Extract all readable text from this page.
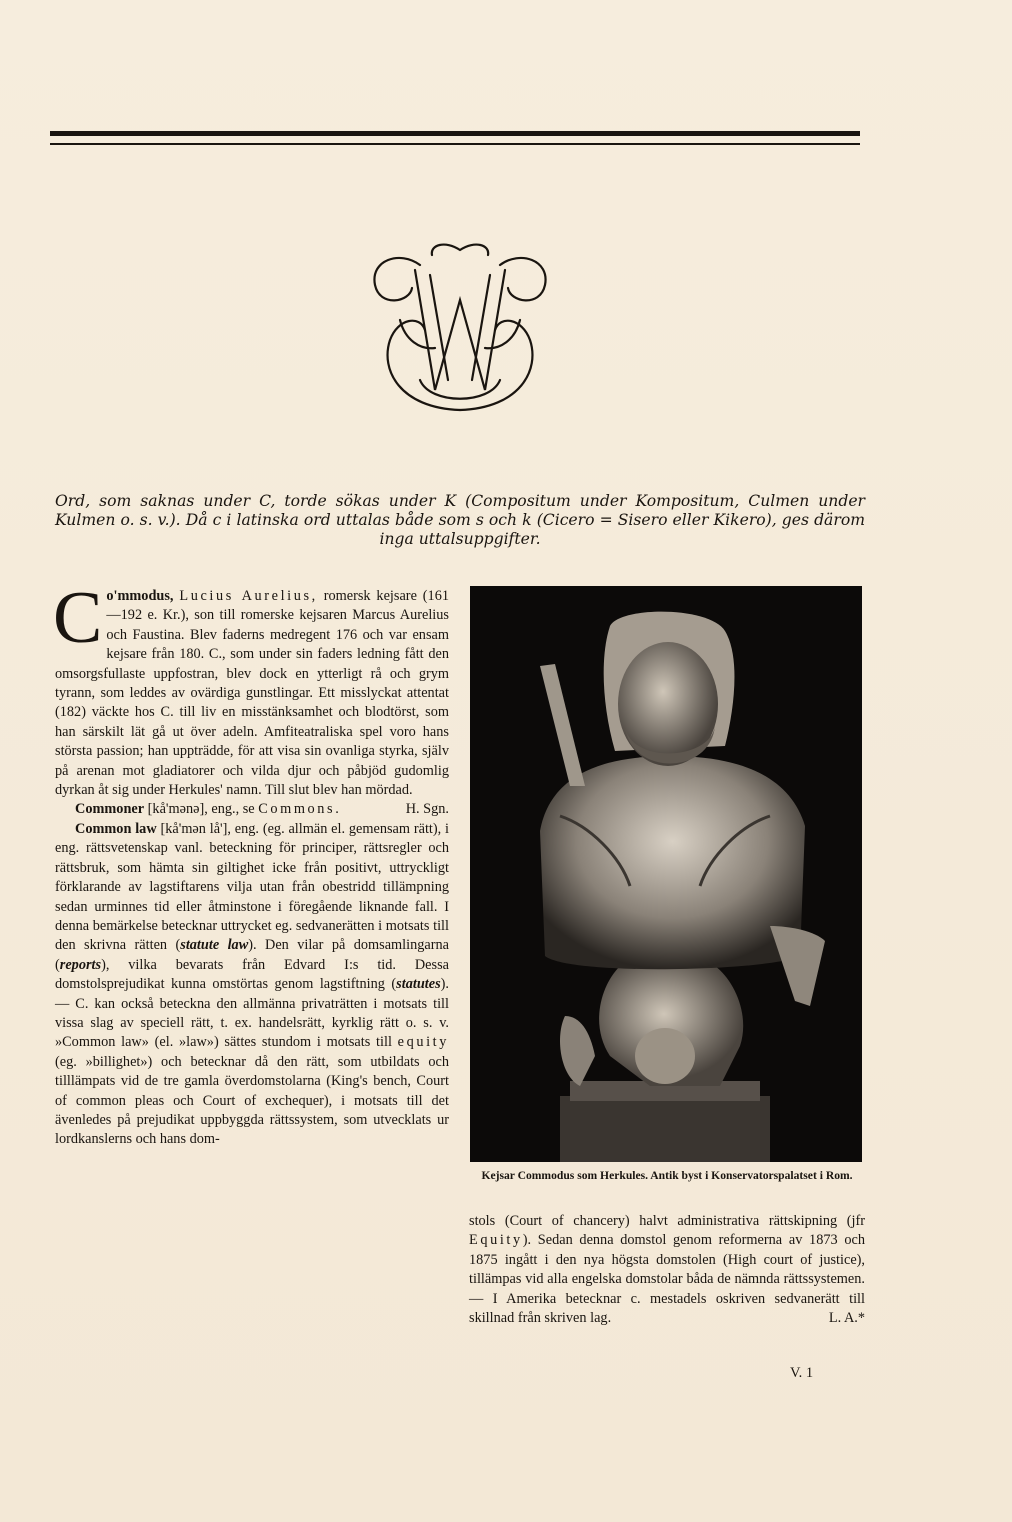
Ord, som saknas under C, torde sökas under K (Compositum under Kompositum, Culmen under Kulmen o. s. v.). Då c i latinska ord uttalas både som s och k (Cicero = Sisero eller Kikero), ges därom inga uttalsuppgifter.

Co'mmodus, Lucius Aurelius, romersk kejsare (161—192 e. Kr.), son till romerske kejsaren Marcus Aurelius och Faustina. Blev faderns medregent 176 och var ensam kejsare från 180. C., som under sin faders ledning fått den omsorgsfullaste uppfostran, blev dock en ytterligt rå och grym tyrann, som leddes av ovärdiga gunstlingar. Ett misslyckat attentat (182) väckte hos C. till liv en misstänksamhet och blodtörst, som han särskilt lät gå ut över adeln. Amfiteatraliska spel voro hans största passion; han uppträdde, för att visa sin ovanliga styrka, själv på arenan mot gladiatorer och vilda djur och påbjöd gudomlig dyrkan åt sig under Herkules' namn. Till slut blev han mördad.
H. Sgn.

Commoner [kå'mənə], eng., se Commons.

Common law [kå'mən lå'], eng. (eg. allmän el. gemensam rätt), i eng. rättsvetenskap vanl. beteckning för principer, rättsregler och rättsbruk, som hämta sin giltighet icke från positivt, uttryckligt förklarande av lagstiftarens vilja utan från obestridd tillämpning sedan urminnes tid eller åtminstone i föregående liknande fall. I denna bemärkelse betecknar uttrycket eg. sedvanerätten i motsats till den skrivna rätten (statute law). Den vilar på domsamlingarna (reports), vilka bevarats från Edvard I:s tid. Dessa domstolsprejudikat kunna omstörtas genom lagstiftning (statutes). — C. kan också beteckna den allmänna privaträtten i motsats till vissa slag av speciell rätt, t. ex. handelsrätt, kyrklig rätt o. s. v. »Common law» (el. »law») sättes stundom i motsats till equity (eg. »billighet») och betecknar då den rätt, som utbildats och tilllämpats vid de tre gamla överdomstolarna (King's bench, Court of common pleas och Court of exchequer), i motsats till det ävenledes på prejudikat uppbyggda rättssystem, som utvecklats ur lordkanslerns och hans dom-

Kejsar Commodus som Herkules. Antik byst i Konservatorspalatset i Rom.
stols (Court of chancery) halvt administrativa rättskipning (jfr Equity). Sedan denna domstol genom reformerna av 1873 och 1875 ingått i den nya högsta domstolen (High court of justice), tillämpas vid alla engelska domstolar båda de nämnda rättssystemen. — I Amerika betecknar c. mestadels oskriven sedvanerätt till skillnad från skriven lag.	L. A.*
V. 1
